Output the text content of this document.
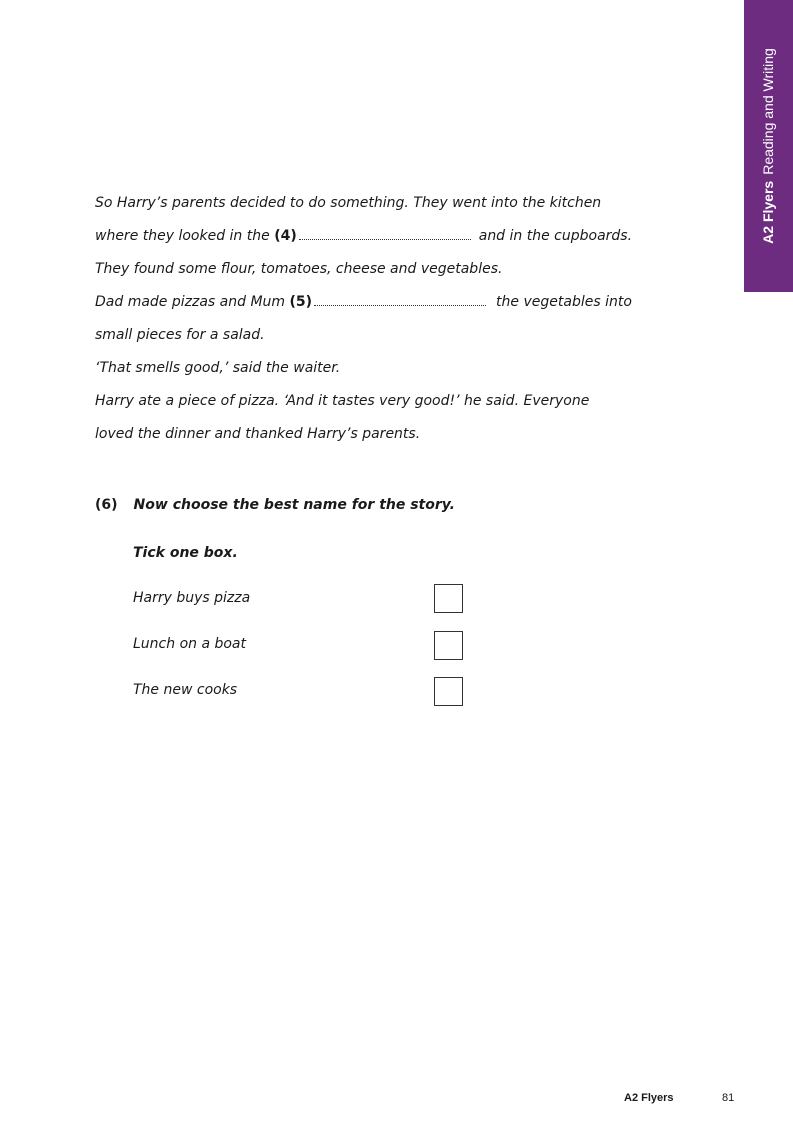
A2 FlyersReading and Writing
So Harry’s parents decided to do something. They went into the kitchen
where they looked in the (4)	and in the cupboards.
They found some flour, tomatoes, cheese and vegetables.
Dad made pizzas and Mum (5)	the vegetables into
small pieces for a salad.
‘That smells good,’ said the waiter.
Harry ate a piece of pizza. ‘And it tastes very good!’ he said. Everyone
loved the dinner and thanked Harry’s parents.
(6) Now choose the best name for the story.
Tick one box.
Harry buys pizza
Lunch on a boat
The new cooks
A2 Flyers	81
